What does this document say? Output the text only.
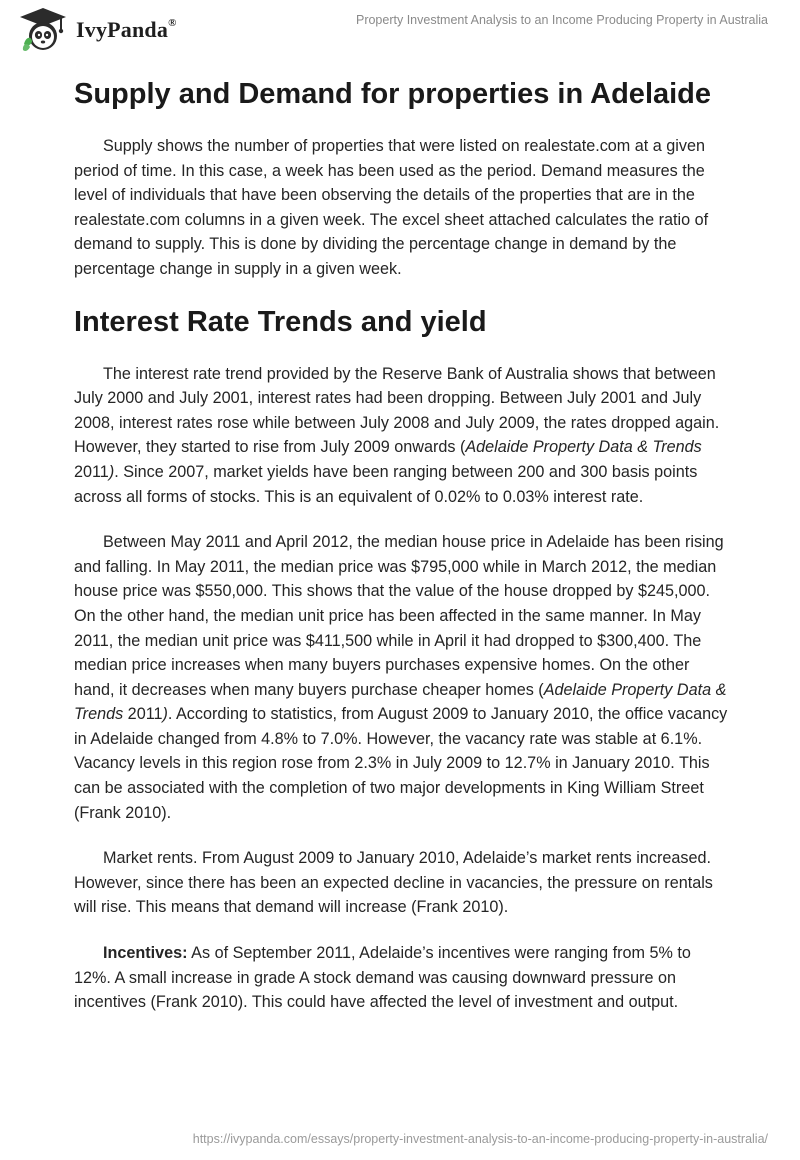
IvyPanda®	Property Investment Analysis to an Income Producing Property in Australia
Supply and Demand for properties in Adelaide

Supply shows the number of properties that were listed on realestate.com at a given period of time. In this case, a week has been used as the period. Demand measures the level of individuals that have been observing the details of the properties that are in the realestate.com columns in a given week. The excel sheet attached calculates the ratio of demand to supply. This is done by dividing the percentage change in demand by the percentage change in supply in a given week.

Interest Rate Trends and yield

The interest rate trend provided by the Reserve Bank of Australia shows that between July 2000 and July 2001, interest rates had been dropping. Between July 2001 and July 2008, interest rates rose while between July 2008 and July 2009, the rates dropped again. However, they started to rise from July 2009 onwards (Adelaide Property Data & Trends 2011). Since 2007, market yields have been ranging between 200 and 300 basis points across all forms of stocks. This is an equivalent of 0.02% to 0.03% interest rate.

Between May 2011 and April 2012, the median house price in Adelaide has been rising and falling. In May 2011, the median price was $795,000 while in March 2012, the median house price was $550,000. This shows that the value of the house dropped by $245,000. On the other hand, the median unit price has been affected in the same manner. In May 2011, the median unit price was $411,500 while in April it had dropped to $300,400. The median price increases when many buyers purchases expensive homes. On the other hand, it decreases when many buyers purchase cheaper homes (Adelaide Property Data & Trends 2011). According to statistics, from August 2009 to January 2010, the office vacancy in Adelaide changed from 4.8% to 7.0%. However, the vacancy rate was stable at 6.1%. Vacancy levels in this region rose from 2.3% in July 2009 to 12.7% in January 2010. This can be associated with the completion of two major developments in King William Street (Frank 2010).

Market rents. From August 2009 to January 2010, Adelaide’s market rents increased. However, since there has been an expected decline in vacancies, the pressure on rentals will rise. This means that demand will increase (Frank 2010).

Incentives: As of September 2011, Adelaide’s incentives were ranging from 5% to 12%. A small increase in grade A stock demand was causing downward pressure on incentives (Frank 2010). This could have affected the level of investment and output.

https://ivypanda.com/essays/property-investment-analysis-to-an-income-producing-property-in-australia/
